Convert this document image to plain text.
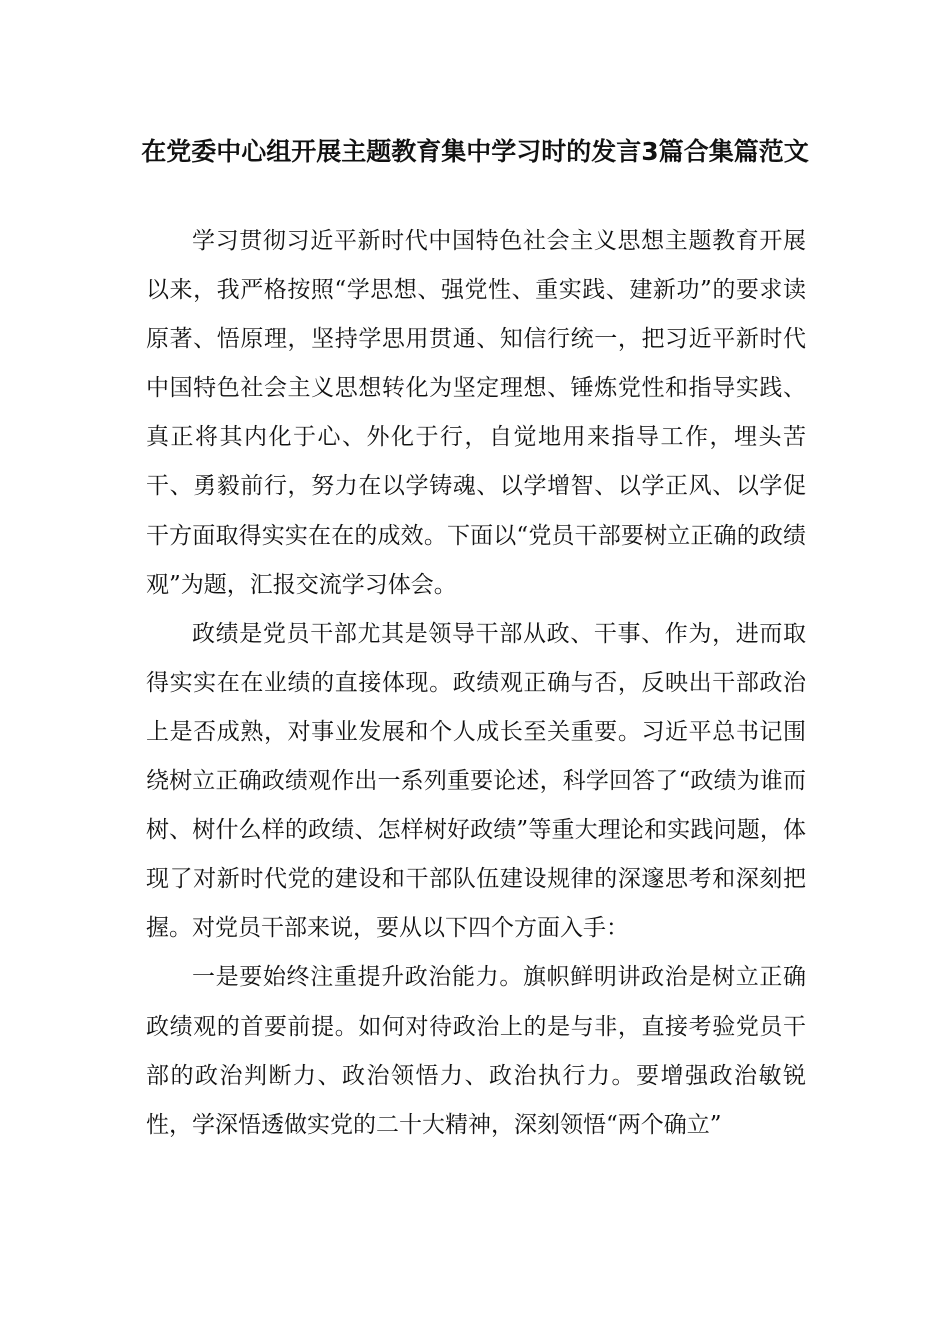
在党委中心组开展主题教育集中学习时的发言3篇合集篇范文

学习贯彻习近平新时代中国特色社会主义思想主题教育开展以来，我严格按照“学思想、强党性、重实践、建新功”的要求读原著、悟原理，坚持学思用贯通、知信行统一，把习近平新时代中国特色社会主义思想转化为坚定理想、锤炼党性和指导实践、真正将其内化于心、外化于行，自觉地用来指导工作，埋头苦干、勇毅前行，努力在以学铸魂、以学增智、以学正风、以学促干方面取得实实在在的成效。下面以“党员干部要树立正确的政绩观”为题，汇报交流学习体会。

政绩是党员干部尤其是领导干部从政、干事、作为，进而取得实实在在业绩的直接体现。政绩观正确与否，反映出干部政治上是否成熟，对事业发展和个人成长至关重要。习近平总书记围绕树立正确政绩观作出一系列重要论述，科学回答了“政绩为谁而树、树什么样的政绩、怎样树好政绩”等重大理论和实践问题，体现了对新时代党的建设和干部队伍建设规律的深邃思考和深刻把握。对党员干部来说，要从以下四个方面入手：

一是要始终注重提升政治能力。旗帜鲜明讲政治是树立正确政绩观的首要前提。如何对待政治上的是与非，直接考验党员干部的政治判断力、政治领悟力、政治执行力。要增强政治敏锐性，学深悟透做实党的二十大精神，深刻领悟“两个确立”
